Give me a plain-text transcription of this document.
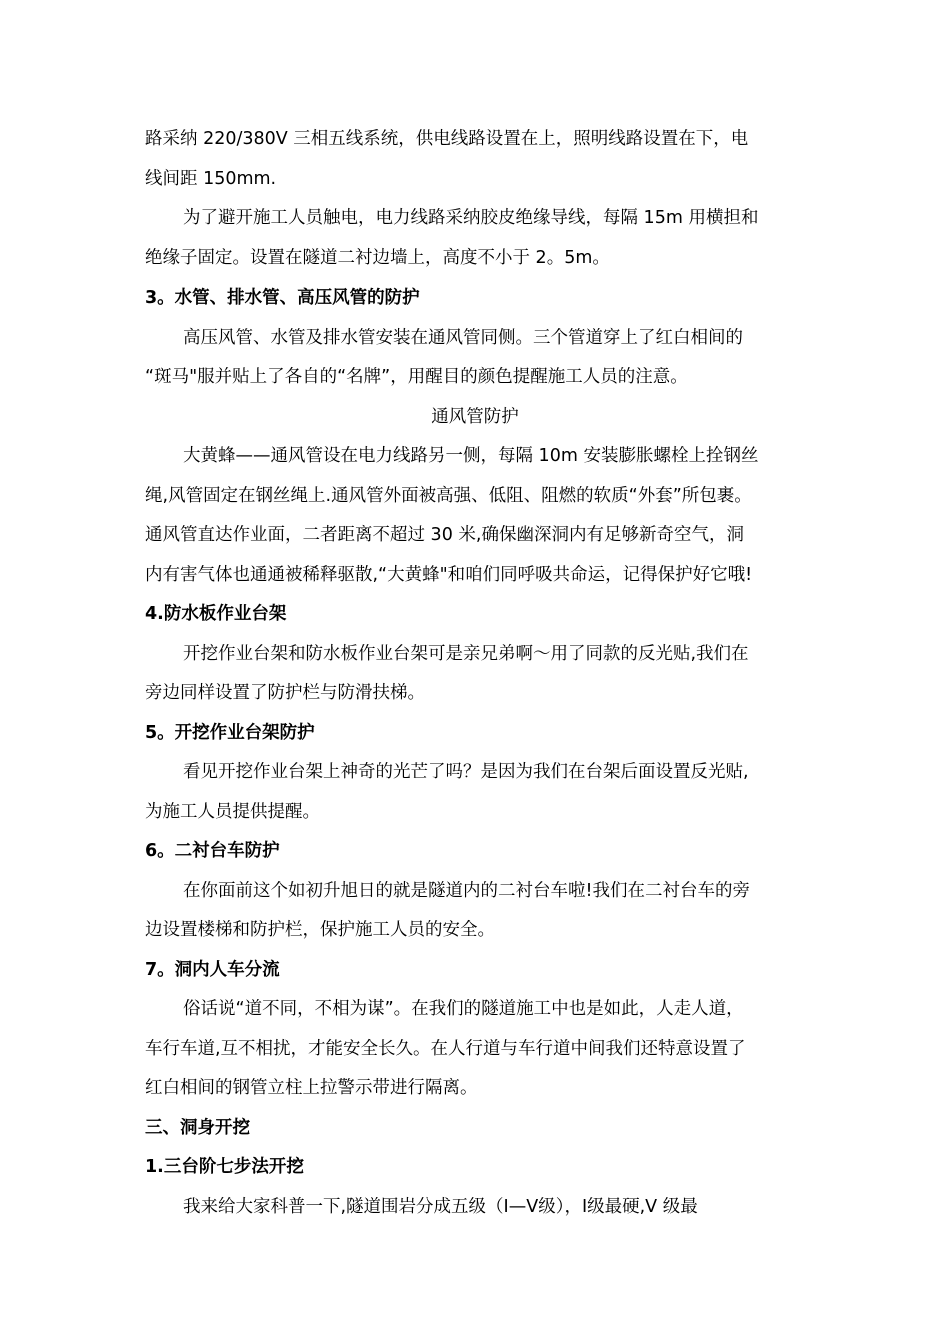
路采纳 220/380V 三相五线系统，供电线路设置在上，照明线路设置在下，电

线间距 150mm.

为了避开施工人员触电，电力线路采纳胶皮绝缘导线，每隔 15m 用横担和

绝缘子固定。设置在隧道二衬边墙上，高度不小于 2。5m。

3。水管、排水管、高压风管的防护

高压风管、水管及排水管安装在通风管同侧。三个管道穿上了红白相间的

“斑马"服并贴上了各自的“名牌”，用醒目的颜色提醒施工人员的注意。

通风管防护

大黄蜂——通风管设在电力线路另一侧，每隔 10m 安装膨胀螺栓上拴钢丝

绳,风管固定在钢丝绳上.通风管外面被高强、低阻、阻燃的软质“外套”所包裹。

通风管直达作业面，二者距离不超过 30 米,确保幽深洞内有足够新奇空气，洞

内有害气体也通通被稀释驱散,“大黄蜂"和咱们同呼吸共命运，记得保护好它哦!

4.防水板作业台架

开挖作业台架和防水板作业台架可是亲兄弟啊～用了同款的反光贴,我们在

旁边同样设置了防护栏与防滑扶梯。

5。开挖作业台架防护

看见开挖作业台架上神奇的光芒了吗？是因为我们在台架后面设置反光贴,

为施工人员提供提醒。

6。二衬台车防护

在你面前这个如初升旭日的就是隧道内的二衬台车啦!我们在二衬台车的旁

边设置楼梯和防护栏，保护施工人员的安全。

7。洞内人车分流

俗话说“道不同，不相为谋”。在我们的隧道施工中也是如此，人走人道，

车行车道,互不相扰，才能安全长久。在人行道与车行道中间我们还特意设置了

红白相间的钢管立柱上拉警示带进行隔离。

三、洞身开挖

1.三台阶七步法开挖

我来给大家科普一下,隧道围岩分成五级（Ⅰ—Ⅴ级），Ⅰ级最硬,Ⅴ 级最
